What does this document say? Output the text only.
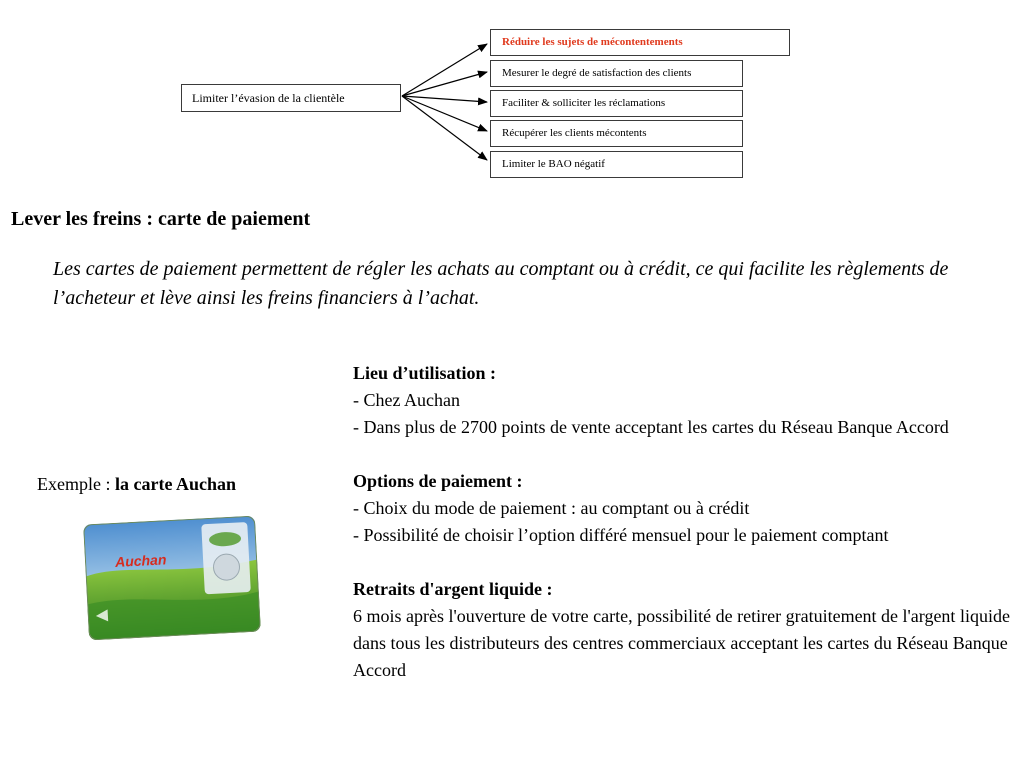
Limiter l’évasion de la clientèle
Réduire les sujets de mécontentements
Mesurer le degré de satisfaction des clients
Faciliter & solliciter les réclamations
Récupérer les clients mécontents
Limiter le BAO négatif
Lever les freins : carte de paiement

Les cartes de paiement permettent de régler les achats au comptant ou à crédit, ce qui facilite les règlements de l’acheteur et lève ainsi les freins financiers à l’achat.

Exemple : la carte Auchan
Auchan

Lieu d’utilisation :

- Chez Auchan

- Dans plus de 2700 points de vente acceptant les cartes du Réseau Banque Accord

Options de paiement :

- Choix du mode de paiement : au comptant ou à crédit

- Possibilité de choisir l’option différé mensuel pour le paiement comptant

Retraits d'argent liquide :

6 mois après l'ouverture de votre carte, possibilité de retirer gratuitement de l'argent liquide dans tous les distributeurs des centres commerciaux acceptant les cartes du Réseau Banque Accord
